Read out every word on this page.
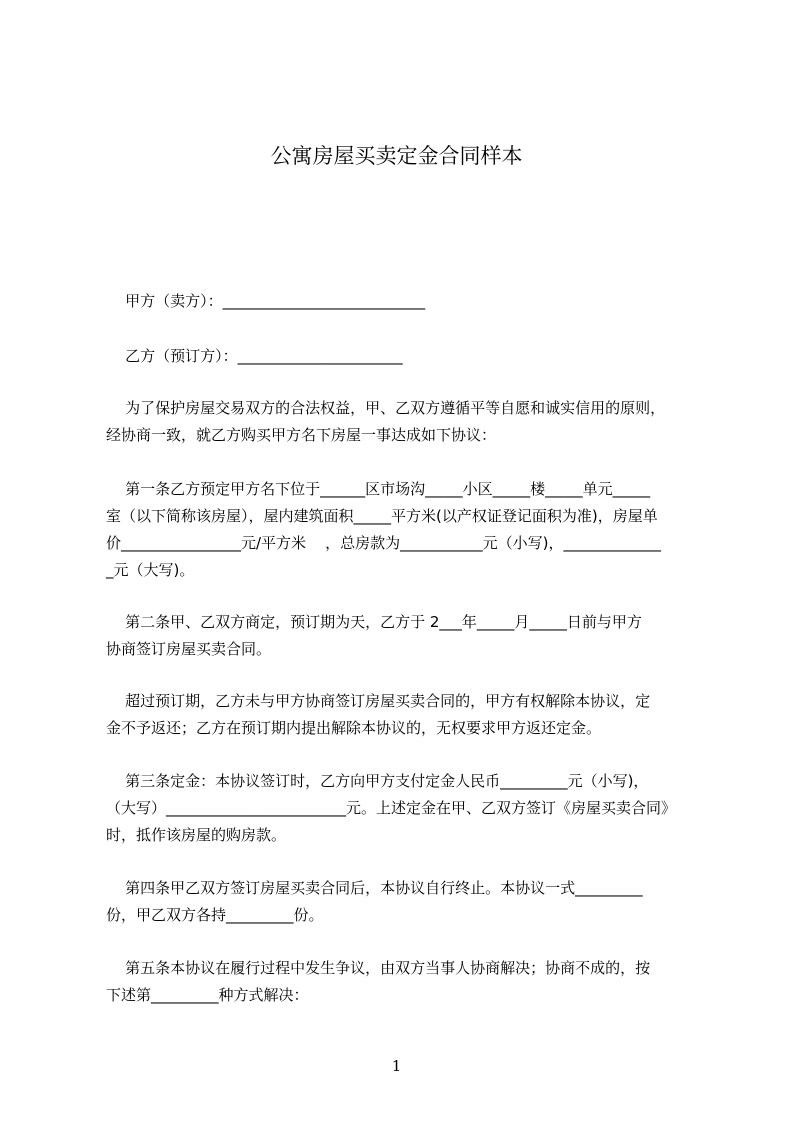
公寓房屋买卖定金合同样本
甲方（卖方）：___________________________
乙方（预订方）：______________________
为了保护房屋交易双方的合法权益，甲、乙双方遵循平等自愿和诚实信用的原则，
经协商一致，就乙方购买甲方名下房屋一事达成如下协议：
第一条乙方预定甲方名下位于______区市场沟_____小区_____楼_____单元_____
室（以下简称该房屋），屋内建筑面积_____平方米(以产权证登记面积为准)，房屋单
价________________元/平方米    ，总房款为___________元（小写)，_____________
_元（大写)。
第二条甲、乙双方商定，预订期为天，乙方于 2___年_____月_____日前与甲方
协商签订房屋买卖合同。
超过预订期，乙方未与甲方协商签订房屋买卖合同的，甲方有权解除本协议，定
金不予返还；乙方在预订期内提出解除本协议的，无权要求甲方返还定金。
第三条定金：本协议签订时，乙方向甲方支付定金人民币_________元（小写)，
（大写）________________________元。上述定金在甲、乙双方签订《房屋买卖合同》
时，抵作该房屋的购房款。
第四条甲乙双方签订房屋买卖合同后，本协议自行终止。本协议一式_________
份，甲乙双方各持_________份。
第五条本协议在履行过程中发生争议，由双方当事人协商解决；协商不成的，按
下述第_________种方式解决：
1
